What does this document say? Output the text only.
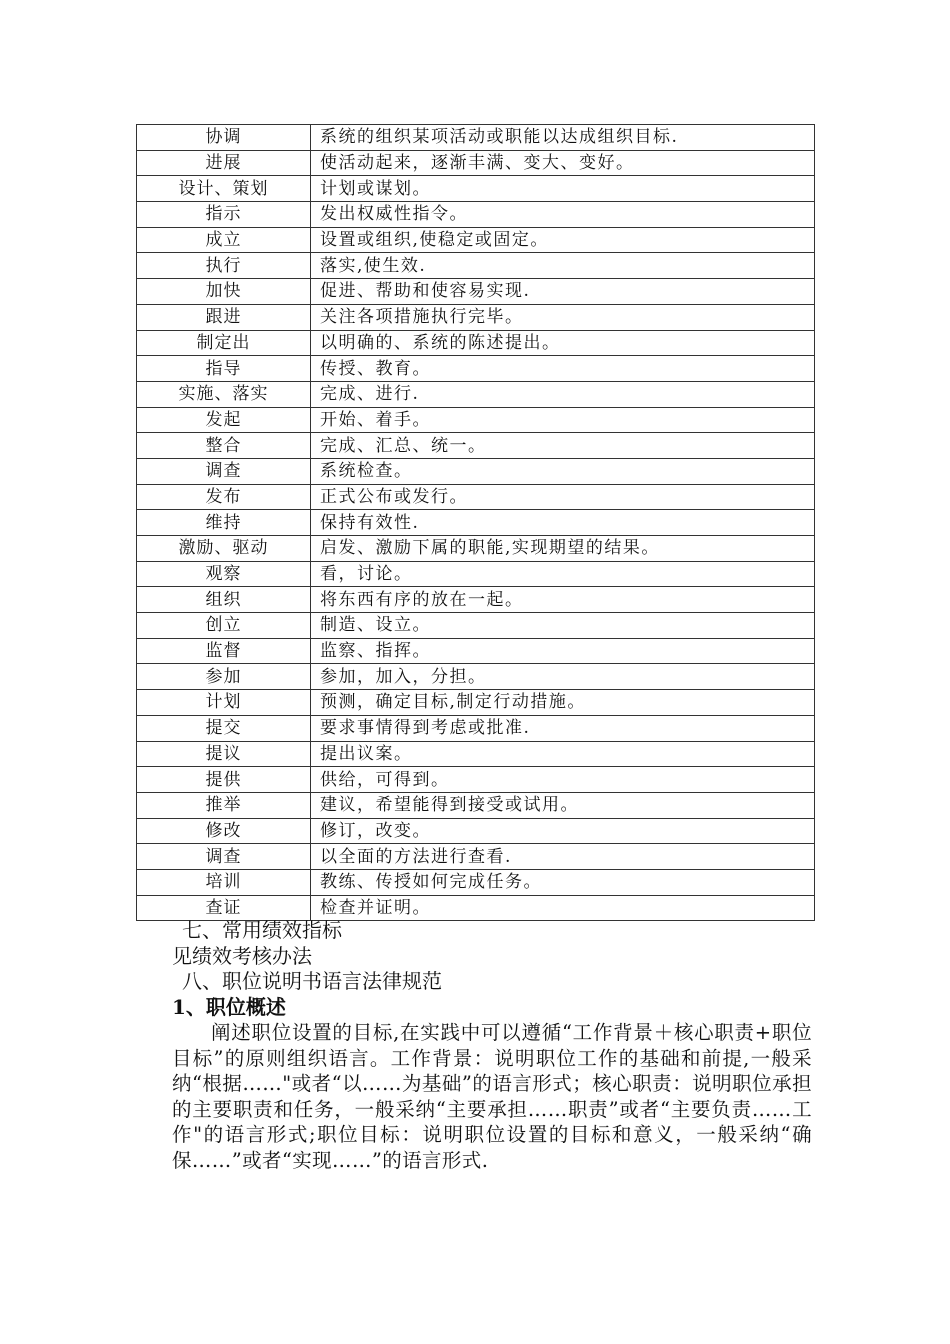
协调	系统的组织某项活动或职能以达成组织目标.
进展	使活动起来，逐渐丰满、变大、变好。
设计、策划	计划或谋划。
指示	发出权威性指令。
成立	设置或组织,使稳定或固定。
执行	落实,使生效.
加快	促进、帮助和使容易实现.
跟进	关注各项措施执行完毕。
制定出	以明确的、系统的陈述提出。
指导	传授、教育。
实施、落实	完成、进行.
发起	开始、着手。
整合	完成、汇总、统一。
调查	系统检查。
发布	正式公布或发行。
维持	保持有效性.
激励、驱动	启发、激励下属的职能,实现期望的结果。
观察	看，讨论。
组织	将东西有序的放在一起。
创立	制造、设立。
监督	监察、指挥。
参加	参加，加入，分担。
计划	预测，确定目标,制定行动措施。
提交	要求事情得到考虑或批准.
提议	提出议案。
提供	供给，可得到。
推举	建议，希望能得到接受或试用。
修改	修订，改变。
调查	以全面的方法进行查看.
培训	教练、传授如何完成任务。
查证	检查并证明。
七、常用绩效指标
见绩效考核办法
八、职位说明书语言法律规范
1、职位概述
阐述职位设置的目标,在实践中可以遵循“工作背景＋核心职责+职位目标”的原则组织语言。工作背景：说明职位工作的基础和前提,一般采纳“根据……"或者“以……为基础”的语言形式；核心职责：说明职位承担的主要职责和任务，一般采纳“主要承担……职责”或者“主要负责……工作"的语言形式;职位目标：说明职位设置的目标和意义，一般采纳“确保……”或者“实现……”的语言形式.
